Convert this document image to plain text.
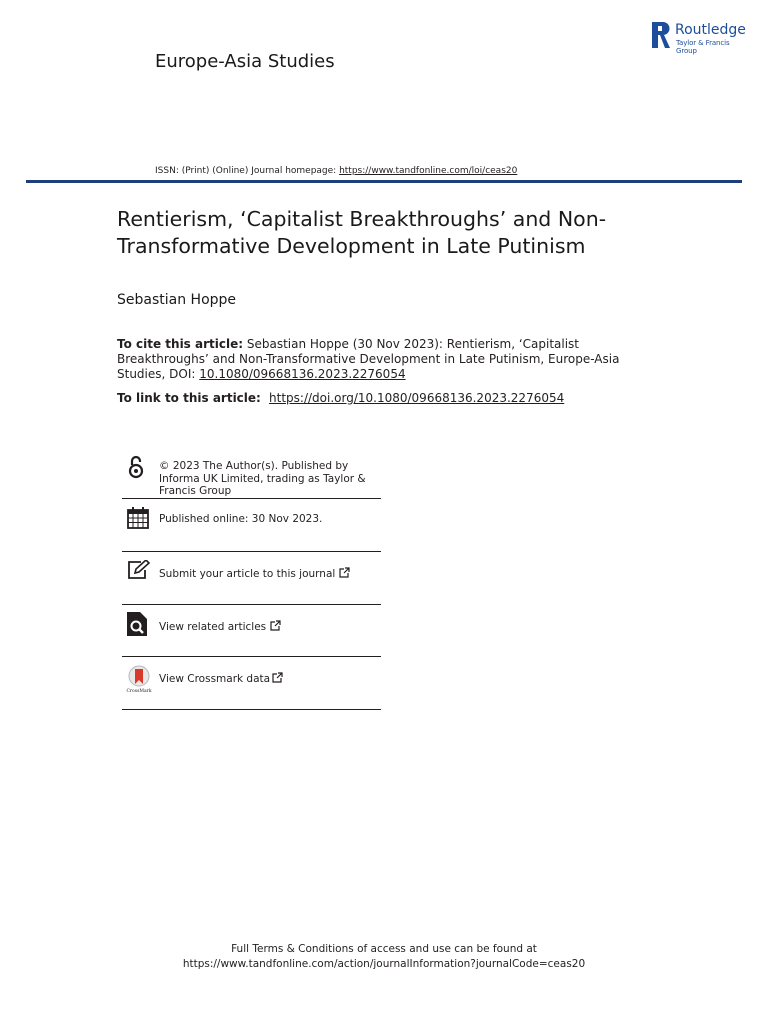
Europe-Asia Studies
Routledge
Taylor & Francis Group
ISSN: (Print) (Online) Journal homepage: https://www.tandfonline.com/loi/ceas20
Rentierism, ‘Capitalist Breakthroughs’ and Non-Transformative Development in Late Putinism
Sebastian Hoppe
To cite this article: Sebastian Hoppe (30 Nov 2023): Rentierism, ‘Capitalist Breakthroughs’ and Non-Transformative Development in Late Putinism, Europe-Asia Studies, DOI: 10.1080/09668136.2023.2276054
To link to this article: https://doi.org/10.1080/09668136.2023.2276054
© 2023 The Author(s). Published by Informa UK Limited, trading as Taylor & Francis Group
Published online: 30 Nov 2023.
Submit your article to this journal
View related articles
CrossMark
View Crossmark data
Full Terms & Conditions of access and use can be found at
https://www.tandfonline.com/action/journalInformation?journalCode=ceas20
